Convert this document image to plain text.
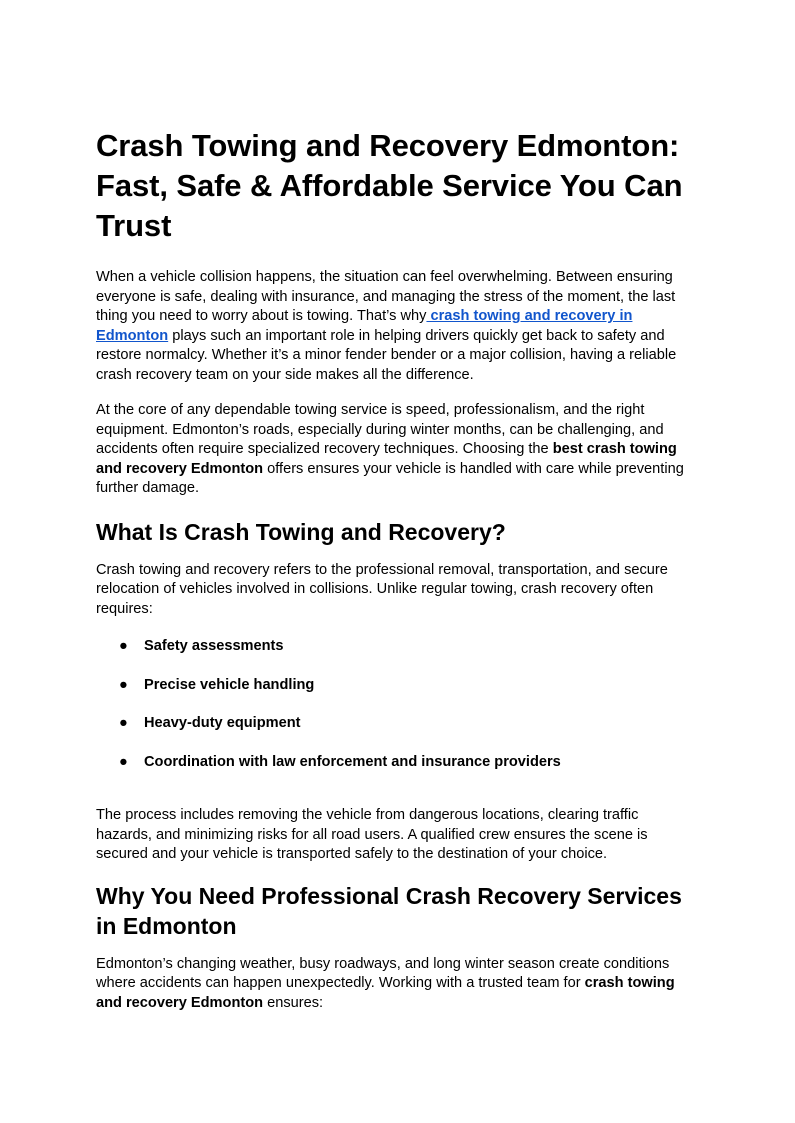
Crash Towing and Recovery Edmonton: Fast, Safe & Affordable Service You Can Trust

When a vehicle collision happens, the situation can feel overwhelming. Between ensuring everyone is safe, dealing with insurance, and managing the stress of the moment, the last thing you need to worry about is towing. That’s why crash towing and recovery in Edmonton plays such an important role in helping drivers quickly get back to safety and restore normalcy. Whether it’s a minor fender bender or a major collision, having a reliable crash recovery team on your side makes all the difference.

At the core of any dependable towing service is speed, professionalism, and the right equipment. Edmonton’s roads, especially during winter months, can be challenging, and accidents often require specialized recovery techniques. Choosing the best crash towing and recovery Edmonton offers ensures your vehicle is handled with care while preventing further damage.

What Is Crash Towing and Recovery?

Crash towing and recovery refers to the professional removal, transportation, and secure relocation of vehicles involved in collisions. Unlike regular towing, crash recovery often requires:

● Safety assessments
● Precise vehicle handling
● Heavy-duty equipment
● Coordination with law enforcement and insurance providers

The process includes removing the vehicle from dangerous locations, clearing traffic hazards, and minimizing risks for all road users. A qualified crew ensures the scene is secured and your vehicle is transported safely to the destination of your choice.

Why You Need Professional Crash Recovery Services in Edmonton

Edmonton’s changing weather, busy roadways, and long winter season create conditions where accidents can happen unexpectedly. Working with a trusted team for crash towing and recovery Edmonton ensures:
